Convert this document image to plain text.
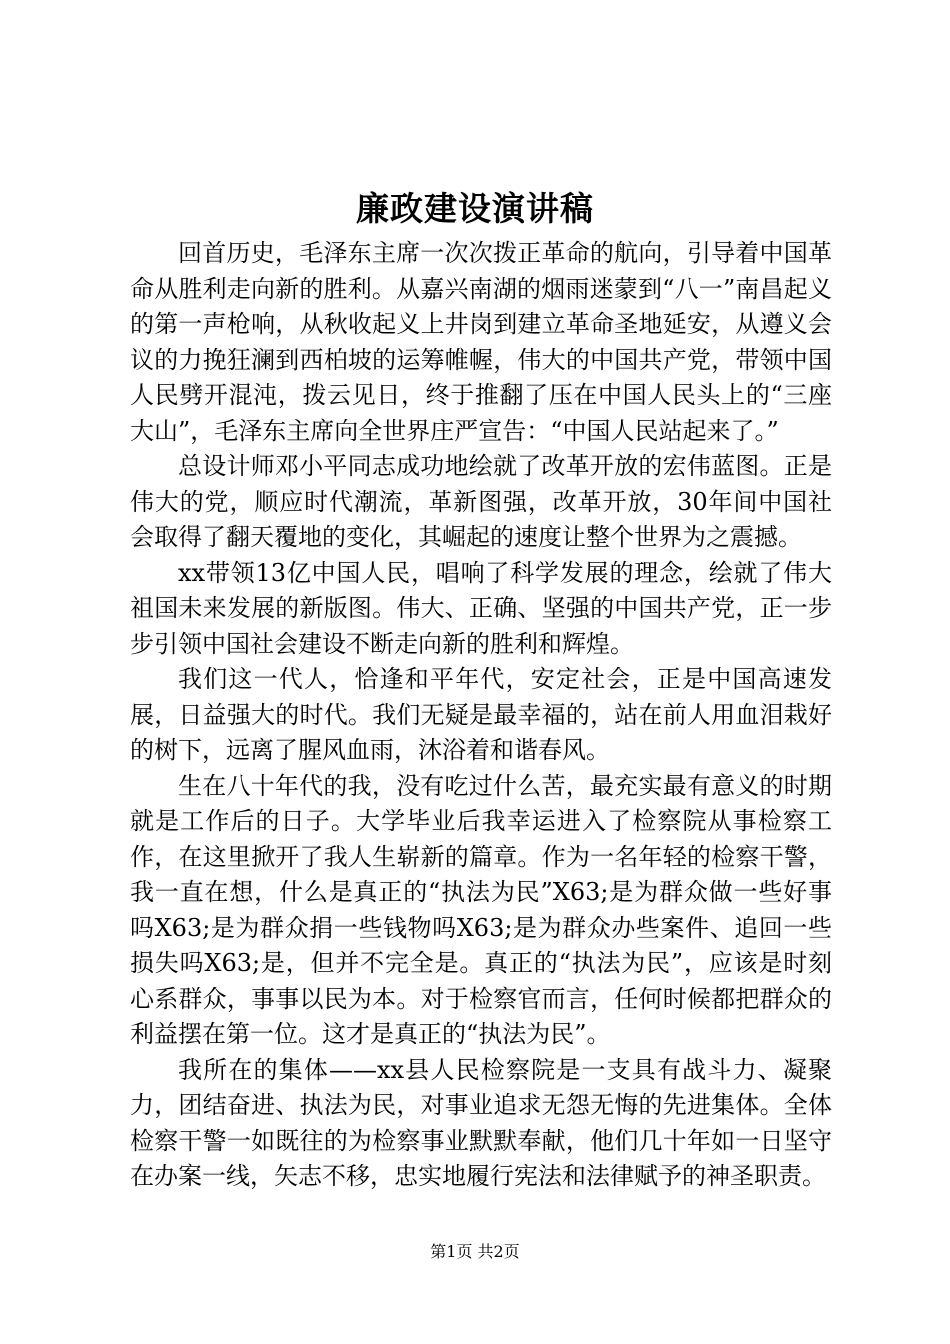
廉政建设演讲稿

回首历史，毛泽东主席一次次拨正革命的航向，引导着中国革命从胜利走向新的胜利。从嘉兴南湖的烟雨迷蒙到“八一”南昌起义的第一声枪响，从秋收起义上井岗到建立革命圣地延安，从遵义会议的力挽狂澜到西柏坡的运筹帷幄，伟大的中国共产党，带领中国人民劈开混沌，拨云见日，终于推翻了压在中国人民头上的“三座大山”，毛泽东主席向全世界庄严宣告：“中国人民站起来了。”

总设计师邓小平同志成功地绘就了改革开放的宏伟蓝图。正是伟大的党，顺应时代潮流，革新图强，改革开放，30年间中国社会取得了翻天覆地的变化，其崛起的速度让整个世界为之震撼。

xx带领13亿中国人民，唱响了科学发展的理念，绘就了伟大祖国未来发展的新版图。伟大、正确、坚强的中国共产党，正一步步引领中国社会建设不断走向新的胜利和辉煌。

我们这一代人，恰逢和平年代，安定社会，正是中国高速发展，日益强大的时代。我们无疑是最幸福的，站在前人用血泪栽好的树下，远离了腥风血雨，沐浴着和谐春风。

生在八十年代的我，没有吃过什么苦，最充实最有意义的时期就是工作后的日子。大学毕业后我幸运进入了检察院从事检察工作，在这里掀开了我人生崭新的篇章。作为一名年轻的检察干警，我一直在想，什么是真正的“执法为民”X63;是为群众做一些好事吗X63;是为群众捐一些钱物吗X63;是为群众办些案件、追回一些损失吗X63;是，但并不完全是。真正的“执法为民”，应该是时刻心系群众，事事以民为本。对于检察官而言，任何时候都把群众的利益摆在第一位。这才是真正的“执法为民”。

我所在的集体——xx县人民检察院是一支具有战斗力、凝聚力，团结奋进、执法为民，对事业追求无怨无悔的先进集体。全体检察干警一如既往的为检察事业默默奉献，他们几十年如一日坚守在办案一线，矢志不移，忠实地履行宪法和法律赋予的神圣职责。

第1页 共2页
